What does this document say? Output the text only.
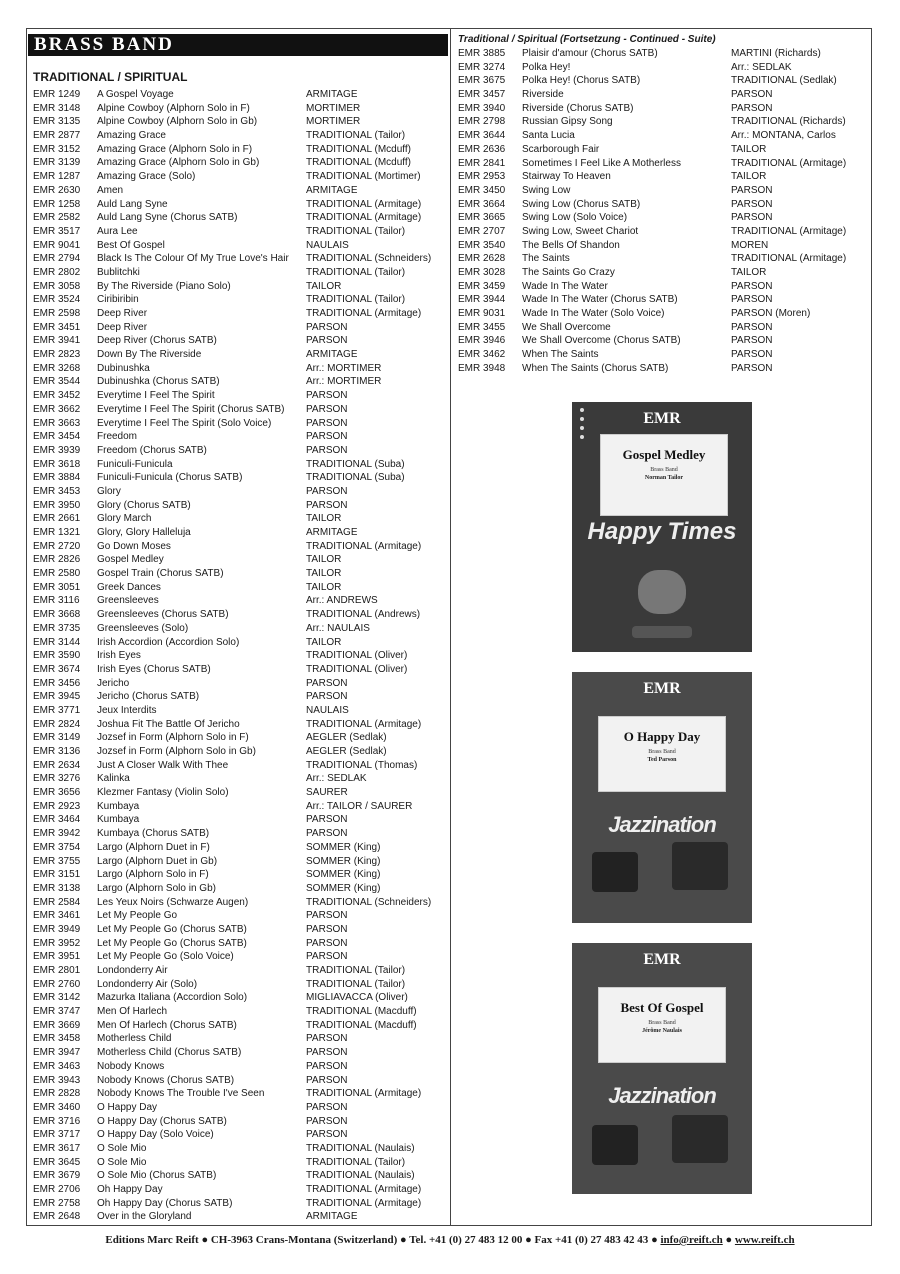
BRASS BAND
TRADITIONAL / SPIRITUAL
EMR 1249 A Gospel Voyage	ARMITAGE
EMR 3148 Alpine Cowboy (Alphorn Solo in F)	MORTIMER
EMR 3135 Alpine Cowboy (Alphorn Solo in Gb)	MORTIMER
EMR 2877 Amazing Grace	TRADITIONAL (Tailor)
EMR 3152 Amazing Grace (Alphorn Solo in F)	TRADITIONAL (Mcduff)
EMR 3139 Amazing Grace (Alphorn Solo in Gb)	TRADITIONAL (Mcduff)
EMR 1287 Amazing Grace (Solo)	TRADITIONAL (Mortimer)
EMR 2630 Amen	ARMITAGE
EMR 1258 Auld Lang Syne	TRADITIONAL (Armitage)
EMR 2582 Auld Lang Syne (Chorus SATB)	TRADITIONAL (Armitage)
EMR 3517 Aura Lee	TRADITIONAL (Tailor)
EMR 9041 Best Of Gospel	NAULAIS
EMR 2794 Black Is The Colour Of My True Love's Hair	TRADITIONAL (Schneiders)
EMR 2802 Bublitchki	TRADITIONAL (Tailor)
EMR 3058 By The Riverside (Piano Solo)	TAILOR
EMR 3524 Ciribiribin	TRADITIONAL (Tailor)
EMR 2598 Deep River	TRADITIONAL (Armitage)
EMR 3451 Deep River	PARSON
EMR 3941 Deep River (Chorus SATB)	PARSON
EMR 2823 Down By The Riverside	ARMITAGE
EMR 3268 Dubinushka	Arr.: MORTIMER
EMR 3544 Dubinushka (Chorus SATB)	Arr.: MORTIMER
EMR 3452 Everytime I Feel The Spirit	PARSON
EMR 3662 Everytime I Feel The Spirit (Chorus SATB)	PARSON
EMR 3663 Everytime I Feel The Spirit (Solo Voice)	PARSON
EMR 3454 Freedom	PARSON
EMR 3939 Freedom (Chorus SATB)	PARSON
EMR 3618 Funiculi-Funicula	TRADITIONAL (Suba)
EMR 3884 Funiculi-Funicula (Chorus SATB)	TRADITIONAL (Suba)
EMR 3453 Glory	PARSON
EMR 3950 Glory (Chorus SATB)	PARSON
EMR 2661 Glory March	TAILOR
EMR 1321 Glory, Glory Halleluja	ARMITAGE
EMR 2720 Go Down Moses	TRADITIONAL (Armitage)
EMR 2826 Gospel Medley	TAILOR
EMR 2580 Gospel Train (Chorus SATB)	TAILOR
EMR 3051 Greek Dances	TAILOR
EMR 3116 Greensleeves	Arr.: ANDREWS
EMR 3668 Greensleeves (Chorus SATB)	TRADITIONAL (Andrews)
EMR 3735 Greensleeves (Solo)	Arr.: NAULAIS
EMR 3144 Irish Accordion (Accordion Solo)	TAILOR
EMR 3590 Irish Eyes	TRADITIONAL (Oliver)
EMR 3674 Irish Eyes (Chorus SATB)	TRADITIONAL (Oliver)
EMR 3456 Jericho	PARSON
EMR 3945 Jericho (Chorus SATB)	PARSON
EMR 3771 Jeux Interdits	NAULAIS
EMR 2824 Joshua Fit The Battle Of Jericho	TRADITIONAL (Armitage)
EMR 3149 Jozsef in Form (Alphorn Solo in F)	AEGLER (Sedlak)
EMR 3136 Jozsef in Form (Alphorn Solo in Gb)	AEGLER (Sedlak)
EMR 2634 Just A Closer Walk With Thee	TRADITIONAL (Thomas)
EMR 3276 Kalinka	Arr.: SEDLAK
EMR 3656 Klezmer Fantasy (Violin Solo)	SAURER
EMR 2923 Kumbaya	Arr.: TAILOR / SAURER
EMR 3464 Kumbaya	PARSON
EMR 3942 Kumbaya (Chorus SATB)	PARSON
EMR 3754 Largo (Alphorn Duet in F)	SOMMER (King)
EMR 3755 Largo (Alphorn Duet in Gb)	SOMMER (King)
EMR 3151 Largo (Alphorn Solo in F)	SOMMER (King)
EMR 3138 Largo (Alphorn Solo in Gb)	SOMMER (King)
EMR 2584 Les Yeux Noirs (Schwarze Augen)	TRADITIONAL (Schneiders)
EMR 3461 Let My People Go	PARSON
EMR 3949 Let My People Go (Chorus SATB)	PARSON
EMR 3952 Let My People Go (Chorus SATB)	PARSON
EMR 3951 Let My People Go (Solo Voice)	PARSON
EMR 2801 Londonderry Air	TRADITIONAL (Tailor)
EMR 2760 Londonderry Air (Solo)	TRADITIONAL (Tailor)
EMR 3142 Mazurka Italiana (Accordion Solo)	MIGLIAVACCA (Oliver)
EMR 3747 Men Of Harlech	TRADITIONAL (Macduff)
EMR 3669 Men Of Harlech (Chorus SATB)	TRADITIONAL (Macduff)
EMR 3458 Motherless Child	PARSON
EMR 3947 Motherless Child (Chorus SATB)	PARSON
EMR 3463 Nobody Knows	PARSON
EMR 3943 Nobody Knows (Chorus SATB)	PARSON
EMR 2828 Nobody Knows The Trouble I've Seen	TRADITIONAL (Armitage)
EMR 3460 O Happy Day	PARSON
EMR 3716 O Happy Day (Chorus SATB)	PARSON
EMR 3717 O Happy Day (Solo Voice)	PARSON
EMR 3617 O Sole Mio	TRADITIONAL (Naulais)
EMR 3645 O Sole Mio	TRADITIONAL (Tailor)
EMR 3679 O Sole Mio (Chorus SATB)	TRADITIONAL (Naulais)
EMR 2706 Oh Happy Day	TRADITIONAL (Armitage)
EMR 2758 Oh Happy Day (Chorus SATB)	TRADITIONAL (Armitage)
EMR 2648 Over in the Gloryland	ARMITAGE
Traditional / Spiritual (Fortsetzung - Continued - Suite)
EMR 3885 Plaisir d'amour (Chorus SATB)	MARTINI (Richards)
EMR 3274 Polka Hey!	Arr.: SEDLAK
EMR 3675 Polka Hey! (Chorus SATB)	TRADITIONAL (Sedlak)
EMR 3457 Riverside	PARSON
EMR 3940 Riverside (Chorus SATB)	PARSON
EMR 2798 Russian Gipsy Song	TRADITIONAL (Richards)
EMR 3644 Santa Lucia	Arr.: MONTANA, Carlos
EMR 2636 Scarborough Fair	TAILOR
EMR 2841 Sometimes I Feel Like A Motherless	TRADITIONAL (Armitage)
EMR 2953 Stairway To Heaven	TAILOR
EMR 3450 Swing Low	PARSON
EMR 3664 Swing Low (Chorus SATB)	PARSON
EMR 3665 Swing Low (Solo Voice)	PARSON
EMR 2707 Swing Low, Sweet Chariot	TRADITIONAL (Armitage)
EMR 3540 The Bells Of Shandon	MOREN
EMR 2628 The Saints	TRADITIONAL (Armitage)
EMR 3028 The Saints Go Crazy	TAILOR
EMR 3459 Wade In The Water	PARSON
EMR 3944 Wade In The Water (Chorus SATB)	PARSON
EMR 9031 Wade In The Water (Solo Voice)	PARSON (Moren)
EMR 3455 We Shall Overcome	PARSON
EMR 3946 We Shall Overcome (Chorus SATB)	PARSON
EMR 3462 When The Saints	PARSON
EMR 3948 When The Saints (Chorus SATB)	PARSON
EMR
Gospel Medley
Brass Band
Norman Tailor
Happy Times
EMR
O Happy Day
Brass Band
Ted Parson
Jazzination
EMR
Best Of Gospel
Brass Band
Jérôme Naulais
Jazzination
Editions Marc Reift ● CH-3963 Crans-Montana (Switzerland) ● Tel. +41 (0) 27 483 12 00 ● Fax +41 (0) 27 483 42 43 ● info@reift.ch ● www.reift.ch
